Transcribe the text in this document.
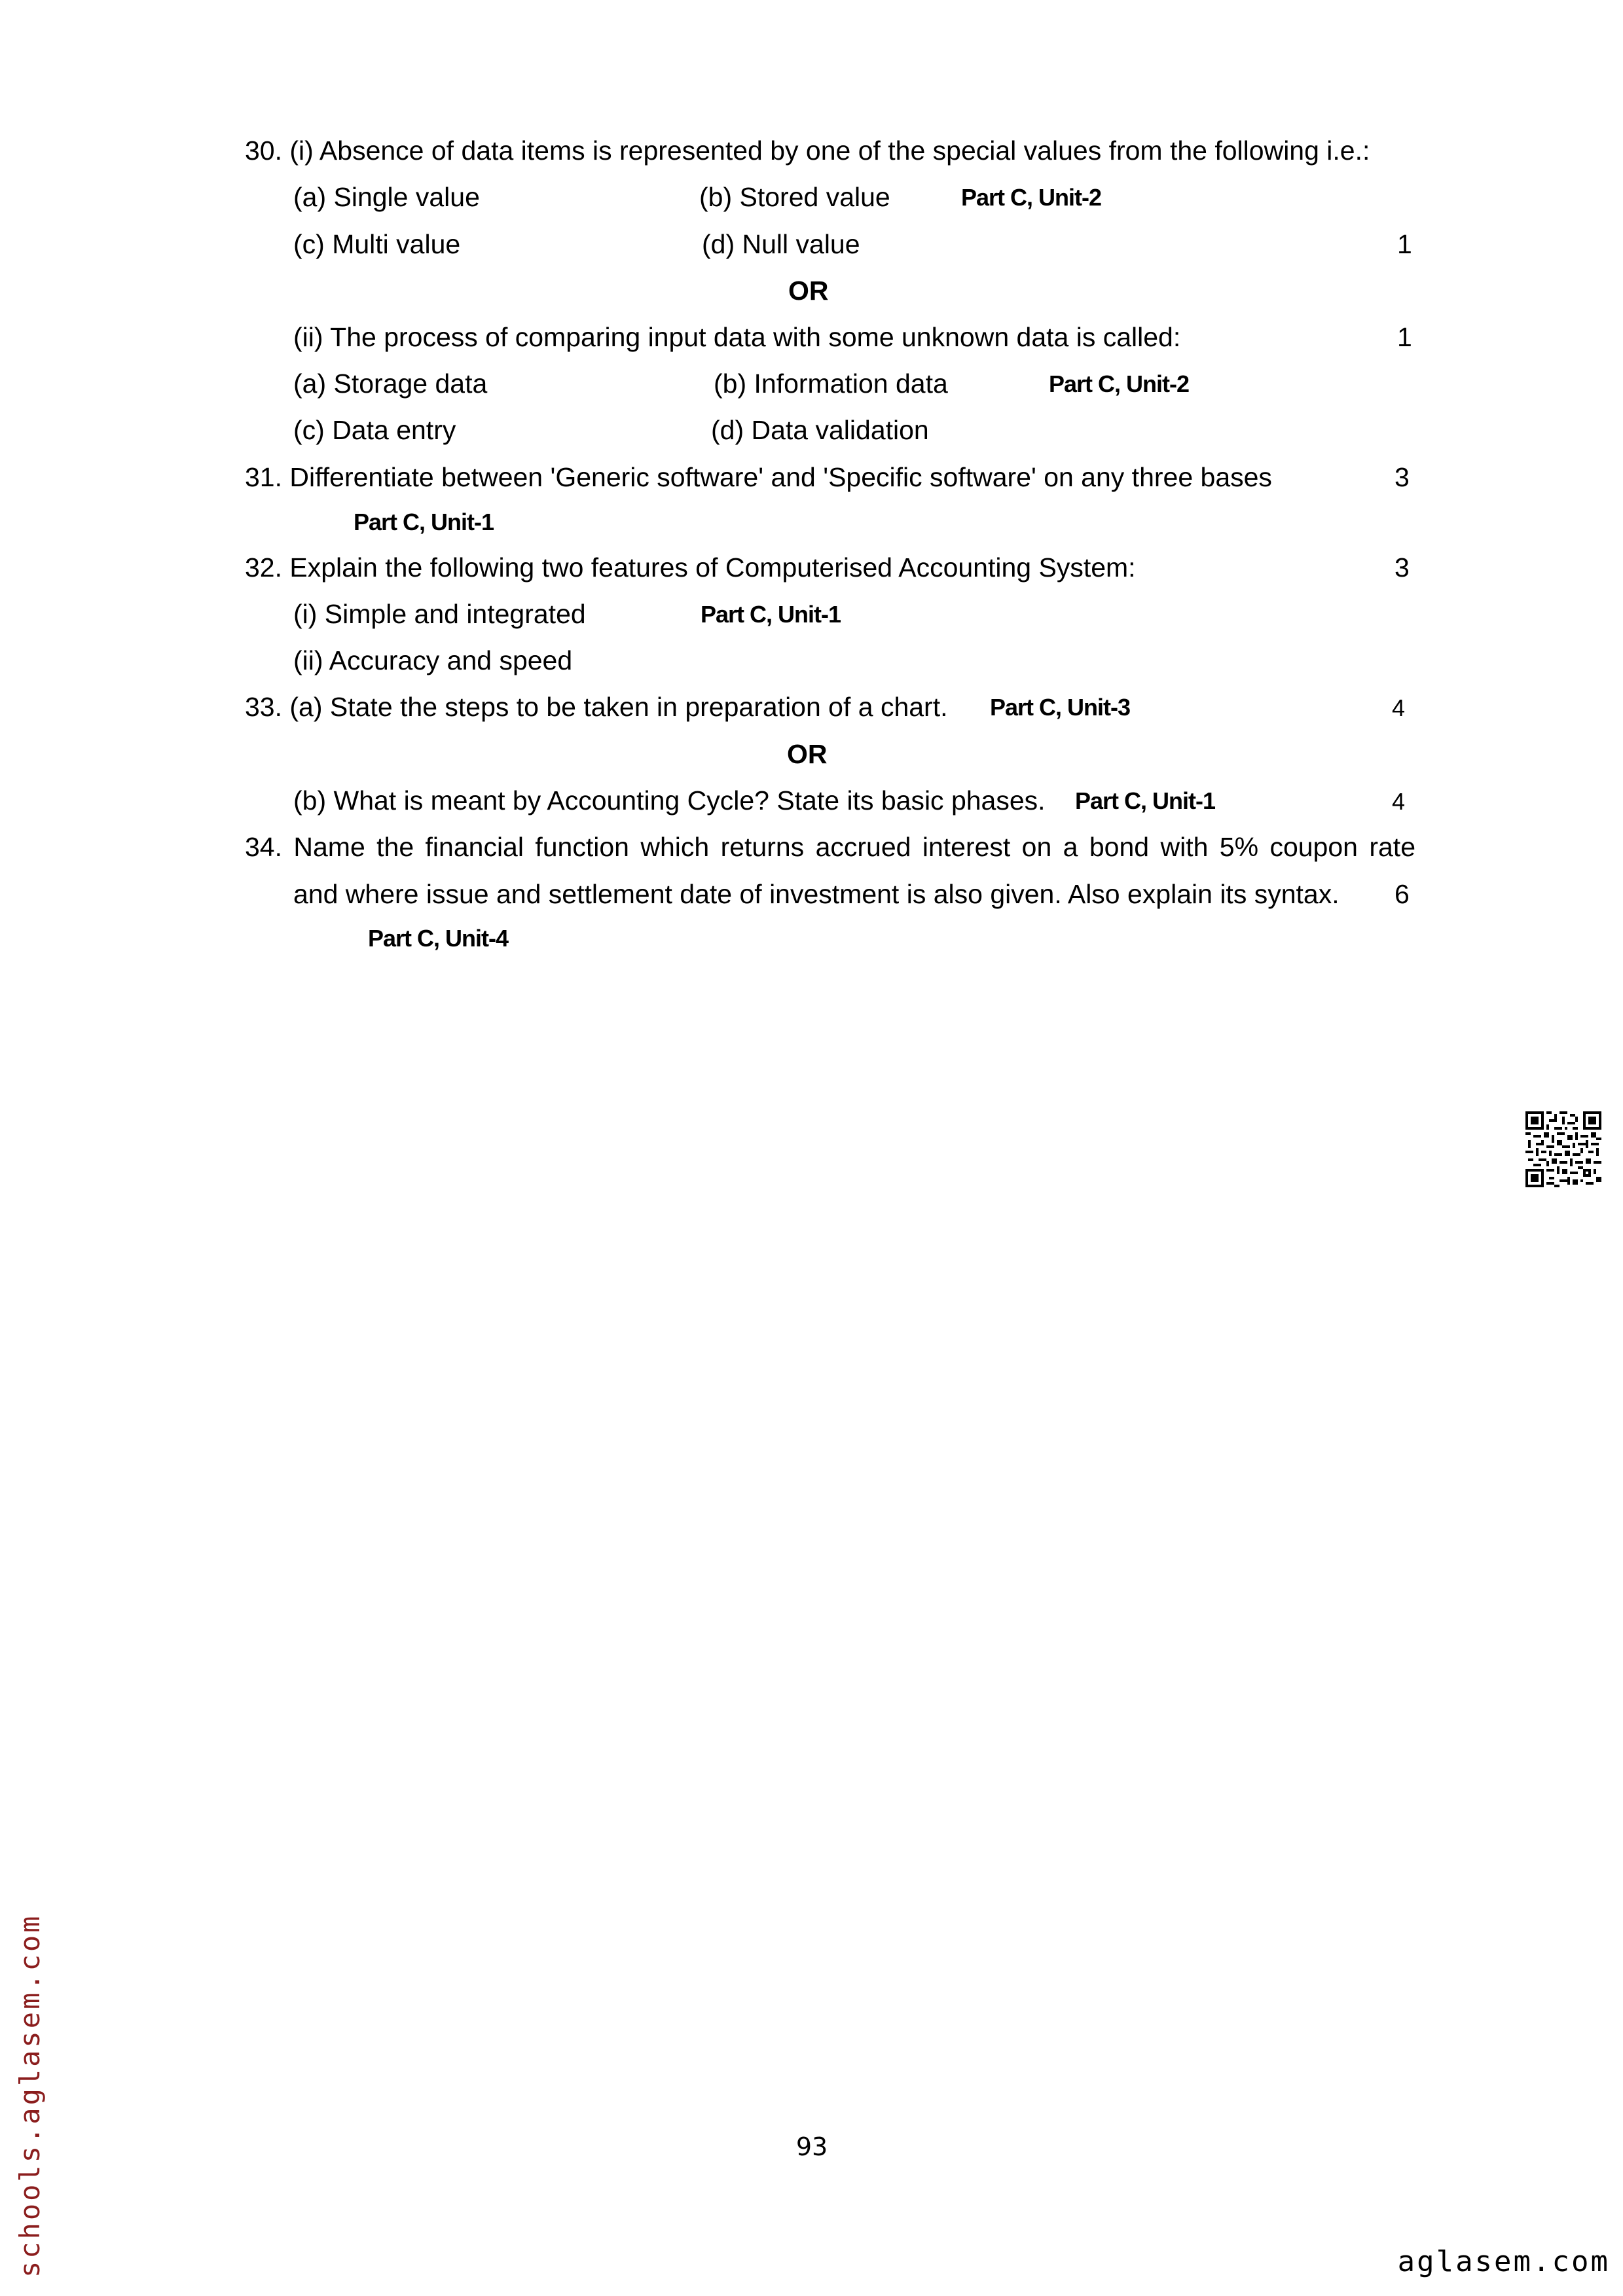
30. (i) Absence of data items is represented by one of the special values from the following i.e.:
(a) Single value	(b) Stored value	Part C, Unit-2
(c) Multi value	(d) Null value	1
OR
(ii) The process of comparing input data with some unknown data is called:	1
(a) Storage data	(b) Information data	Part C, Unit-2
(c) Data entry	(d) Data validation
31. Differentiate between 'Generic software' and 'Specific software' on any three bases	3
Part C, Unit-1
32. Explain the following two features of Computerised Accounting System:	3
(i) Simple and integrated	Part C, Unit-1
(ii) Accuracy and speed
33. (a) State the steps to be taken in preparation of a chart. Part C, Unit-3	4
OR
(b) What is meant by Accounting Cycle? State its basic phases. Part C, Unit-1	4
34. Name the financial function which returns accrued interest on a bond with 5% coupon rate
and where issue and settlement date of investment is also given. Also explain its syntax. 6
Part C, Unit-4
93
schools.aglasem.com	aglasem.com
